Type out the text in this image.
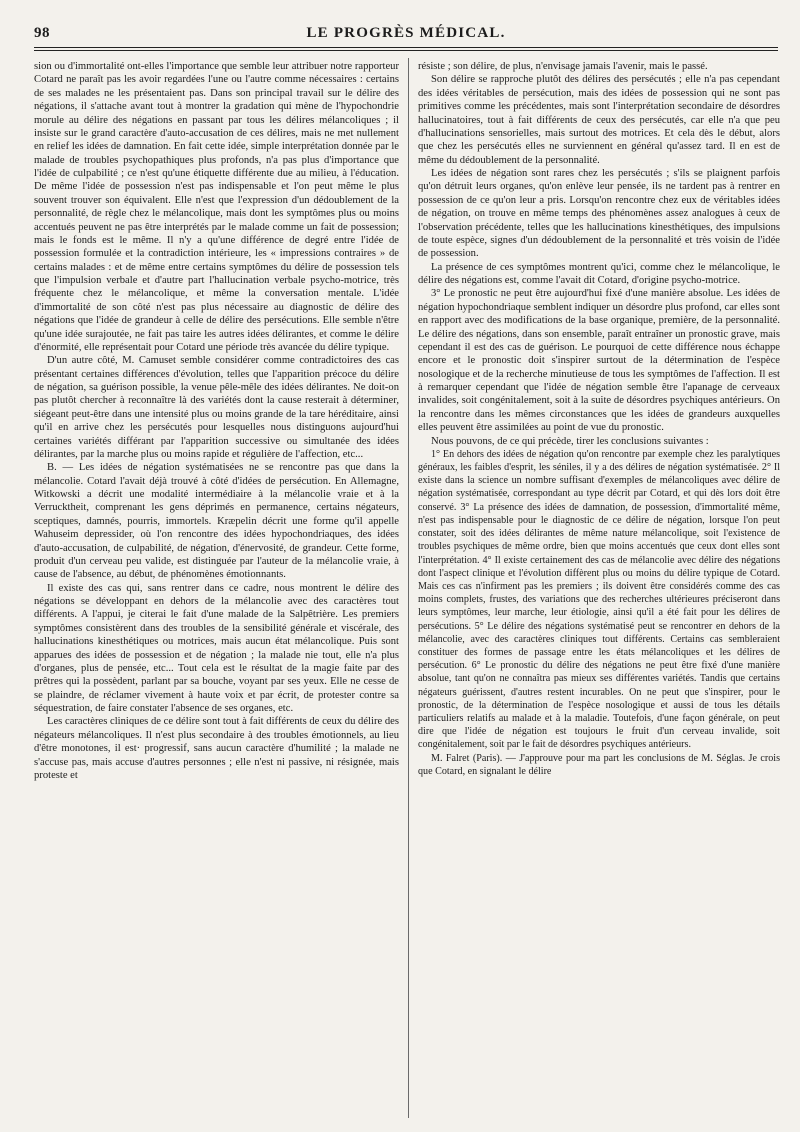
98	LE PROGRÈS MÉDICAL.

sion ou d'immortalité ont-elles l'importance que semble leur attribuer notre rapporteur Cotard ne paraît pas les avoir regardées l'une ou l'autre comme nécessaires : certains de ses malades ne les présentaient pas. Dans son principal travail sur le délire des négations, il s'attache avant tout à montrer la gradation qui mène de l'hypochondrie morule au délire des négations en passant par tous les délires mélancoliques ; il insiste sur le grand caractère d'auto-accusation de ces délires, mais ne met nullement en relief les idées de damnation. En fait cette idée, simple interprétation donnée par le malade de troubles psychopathiques plus profonds, n'a pas plus d'importance que l'idée de culpabilité ; ce n'est qu'une étiquette différente due au milieu, à l'éducation. De même l'idée de possession n'est pas indispensable et l'on peut même le plus souvent trouver son équivalent. Elle n'est que l'expression d'un dédoublement de la personnalité, de règle chez le mélancolique, mais dont les symptômes plus ou moins accentués peuvent ne pas être interprétés par le malade comme un fait de possession; mais le fonds est le même. Il n'y a qu'une différence de degré entre l'idée de possession formulée et la contradiction intérieure, les « impressions contraires » de certains malades : et de même entre certains symptômes du délire de possession tels que l'impulsion verbale et d'autre part l'hallucination verbale psycho-motrice, très fréquente chez le mélancolique, et même la conversation mentale. L'idée d'immortalité de son côté n'est pas plus nécessaire au diagnostic de délire des négations que l'idée de grandeur à celle de délire des persécutions. Elle semble n'être qu'une idée surajoutée, ne fait pas taire les autres idées délirantes, et comme le délire d'énormité, elle représentait pour Cotard une période très avancée du délire typique.

D'un autre côté, M. Camuset semble considérer comme contradictoires des cas présentant certaines différences d'évolution, telles que l'apparition précoce du délire de négation, sa guérison possible, la venue pêle-mêle des idées délirantes. Ne doit-on pas plutôt chercher à reconnaître là des variétés dont la cause resterait à déterminer, siégeant peut-être dans une intensité plus ou moins grande de la tare héréditaire, ainsi qu'il en arrive chez les persécutés pour lesquelles nous distinguons aujourd'hui certaines variétés différant par l'apparition successive ou simultanée des idées délirantes, par la marche plus ou moins rapide et régulière de l'affection, etc...

B. — Les idées de négation systématisées ne se rencontre pas que dans la mélancolie. Cotard l'avait déjà trouvé à côté d'idées de persécution. En Allemagne, Witkowski a décrit une modalité intermédiaire à la mélancolie vraie et à la Verrucktheit, comprenant les gens déprimés en permanence, certains négateurs, sceptiques, damnés, pourris, immortels. Kræpelin décrit une forme qu'il appelle Wahuseim depressider, où l'on rencontre des idées hypochondriaques, des idées d'auto-accusation, de culpabilité, de négation, d'énervosité, de grandeur. Cette forme, produit d'un cerveau peu valide, est distinguée par l'auteur de la mélancolie vraie, à cause de l'absence, au début, de phénomènes émotionnants.

Il existe des cas qui, sans rentrer dans ce cadre, nous montrent le délire des négations se développant en dehors de la mélancolie avec des caractères tout différents. A l'appui, je citerai le fait d'une malade de la Salpêtrière. Les premiers symptômes consistèrent dans des troubles de la sensibilité générale et viscérale, des hallucinations kinesthétiques ou motrices, mais aucun état mélancolique. Puis sont apparues des idées de possession et de négation ; la malade nie tout, elle n'a plus d'organes, plus de pensée, etc... Tout cela est le résultat de la magie faite par des prêtres qui la possèdent, parlant par sa bouche, voyant par ses yeux. Elle ne cesse de se plaindre, de réclamer vivement à haute voix et par écrit, de protester contre sa séquestration, de faire constater l'absence de ses organes, etc.

Les caractères cliniques de ce délire sont tout à fait différents de ceux du délire des négateurs mélancoliques. Il n'est plus secondaire à des troubles émotionnels, au lieu d'être monotones, il est· progressif, sans aucun caractère d'humilité ; la malade ne s'accuse pas, mais accuse d'autres personnes ; elle n'est ni passive, ni résignée, mais proteste et

résiste ; son délire, de plus, n'envisage jamais l'avenir, mais le passé.

Son délire se rapproche plutôt des délires des persécutés ; elle n'a pas cependant des idées véritables de persécution, mais des idées de possession qui ne sont pas primitives comme les précédentes, mais sont l'interprétation secondaire de désordres hallucinatoires, tout à fait différents de ceux des persécutés, car elle n'a que peu d'hallucinations sensorielles, mais surtout des motrices. Et cela dès le début, alors que chez les persécutés elles ne surviennent en général qu'assez tard. Il en est de même du dédoublement de la personnalité.

Les idées de négation sont rares chez les persécutés ; s'ils se plaignent parfois qu'on détruit leurs organes, qu'on enlève leur pensée, ils ne tardent pas à rentrer en possession de ce qu'on leur a pris. Lorsqu'on rencontre chez eux de véritables idées de négation, on trouve en même temps des phénomènes assez analogues à ceux de l'observation précédente, telles que les hallucinations kinesthétiques, des impulsions de toute espèce, signes d'un dédoublement de la personnalité et très voisin de l'idée de possession.

La présence de ces symptômes montrent qu'ici, comme chez le mélancolique, le délire des négations est, comme l'avait dit Cotard, d'origine psycho-motrice.

3° Le pronostic ne peut être aujourd'hui fixé d'une manière absolue. Les idées de négation hypochondriaque semblent indiquer un désordre plus profond, car elles sont en rapport avec des modifications de la base organique, première, de la personnalité. Le délire des négations, dans son ensemble, paraît entraîner un pronostic grave, mais cependant il est des cas de guérison. Le pourquoi de cette différence nous échappe encore et le pronostic doit s'inspirer surtout de la détermination de l'espèce nosologique et de la recherche minutieuse de tous les symptômes de l'affection. Il est à remarquer cependant que l'idée de négation semble être l'apanage de cerveaux invalides, soit congénitalement, soit à la suite de désordres psychiques antérieurs. On la rencontre dans les mêmes circonstances que les idées de grandeurs auxquelles elles peuvent être assimilées au point de vue du pronostic.

Nous pouvons, de ce qui précède, tirer les conclusions suivantes :

1° En dehors des idées de négation qu'on rencontre par exemple chez les paralytiques généraux, les faibles d'esprit, les séniles, il y a des délires de négation systématisée. 2° Il existe dans la science un nombre suffisant d'exemples de mélancoliques avec délire de négation systématisée, correspondant au type décrit par Cotard, et qui dès lors doit être conservé. 3° La présence des idées de damnation, de possession, d'immortalité même, n'est pas indispensable pour le diagnostic de ce délire de négation, lorsque l'on peut constater, soit des idées délirantes de même nature mélancolique, soit l'existence de troubles psychiques de même ordre, bien que moins accentués que ceux dont elles sont l'interprétation. 4° Il existe certainement des cas de mélancolie avec délire des négations dont l'aspect clinique et l'évolution diffèrent plus ou moins du délire typique de Cotard. Mais ces cas n'infirment pas les premiers ; ils doivent être considérés comme des cas moins complets, frustes, des variations que des recherches ultérieures préciseront dans leurs symptômes, leur marche, leur étiologie, ainsi qu'il a été fait pour les délires de persécutions. 5° Le délire des négations systématisé peut se rencontrer en dehors de la mélancolie, avec des caractères cliniques tout différents. Certains cas sembleraient constituer des formes de passage entre les états mélancoliques et les délires de persécution. 6° Le pronostic du délire des négations ne peut être fixé d'une manière absolue, tant qu'on ne connaîtra pas mieux ses différentes variétés. Tandis que certains négateurs guérissent, d'autres restent incurables. On ne peut que s'inspirer, pour le pronostic, de la détermination de l'espèce nosologique et aussi de tous les détails particuliers relatifs au malade et à la maladie. Toutefois, d'une façon générale, on peut dire que l'idée de négation est toujours le fruit d'un cerveau invalide, soit congénitalement, soit par le fait de désordres psychiques antérieurs.

M. Falret (Paris). — J'approuve pour ma part les conclusions de M. Séglas. Je crois que Cotard, en signalant le délire
